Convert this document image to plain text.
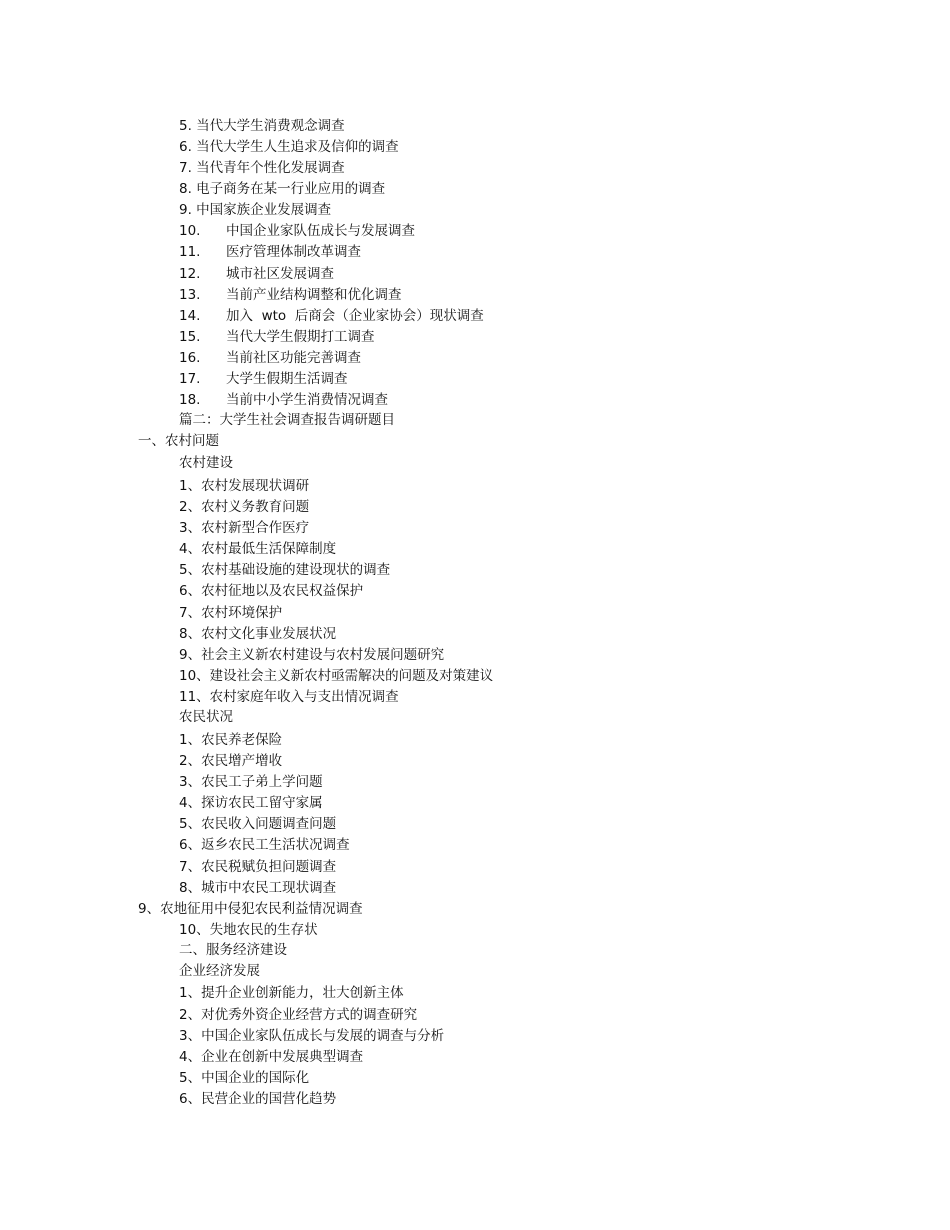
5. 当代大学生消费观念调查
6. 当代大学生人生追求及信仰的调查
7. 当代青年个性化发展调查
8. 电子商务在某一行业应用的调查
9. 中国家族企业发展调查
10. 中国企业家队伍成长与发展调查
11. 医疗管理体制改革调查
12. 城市社区发展调查
13. 当前产业结构调整和优化调查
14. 加入  wto  后商会（企业家协会）现状调查
15. 当代大学生假期打工调查
16. 当前社区功能完善调查
17. 大学生假期生活调查
18. 当前中小学生消费情况调查
篇二：大学生社会调查报告调研题目
一、农村问题
农村建设
1、农村发展现状调研
2、农村义务教育问题
3、农村新型合作医疗
4、农村最低生活保障制度
5、农村基础设施的建设现状的调查
6、农村征地以及农民权益保护
7、农村环境保护
8、农村文化事业发展状况
9、社会主义新农村建设与农村发展问题研究
10、建设社会主义新农村亟需解决的问题及对策建议
11、农村家庭年收入与支出情况调查
农民状况
1、农民养老保险
2、农民增产增收
3、农民工子弟上学问题
4、探访农民工留守家属
5、农民收入问题调查问题
6、返乡农民工生活状况调查
7、农民税赋负担问题调查
8、城市中农民工现状调查
9、农地征用中侵犯农民利益情况调查
10、失地农民的生存状
二、服务经济建设
企业经济发展
1、提升企业创新能力，壮大创新主体
2、对优秀外资企业经营方式的调查研究
3、中国企业家队伍成长与发展的调查与分析
4、企业在创新中发展典型调查
5、中国企业的国际化
6、民营企业的国营化趋势
